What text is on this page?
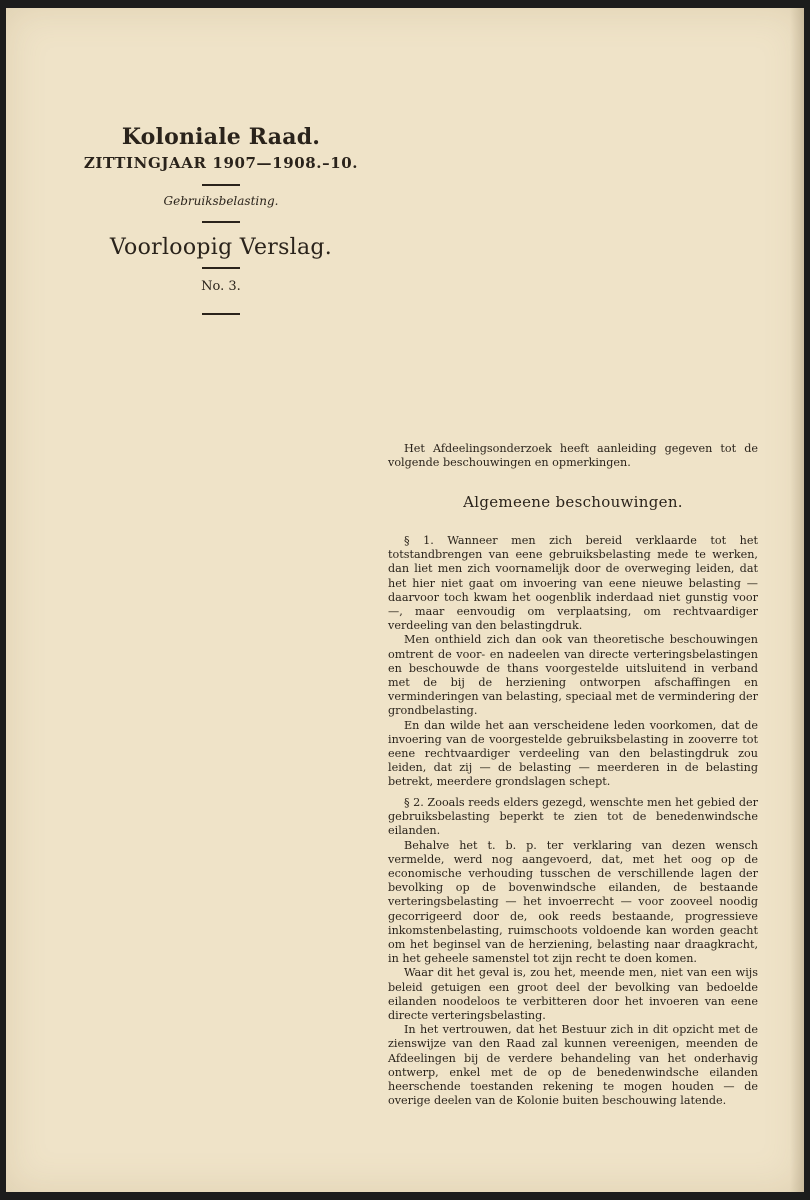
Koloniale Raad.
ZITTINGJAAR 1907—1908.–10.
Gebruiksbelasting.
Voorloopig Verslag.
No. 3.

Het Afdeelingsonderzoek heeft aanleiding gegeven tot de volgende beschouwingen en opmerkingen.

Algemeene beschouwingen.

§ 1. Wanneer men zich bereid verklaarde tot het totstandbrengen van eene gebruiksbelasting mede te werken, dan liet men zich voornamelijk door de overweging leiden, dat het hier niet gaat om invoering van eene nieuwe belasting — daarvoor toch kwam het oogenblik inderdaad niet gunstig voor —, maar eenvoudig om verplaatsing, om rechtvaardiger verdeeling van den belastingdruk.

Men onthield zich dan ook van theoretische beschouwingen omtrent de voor- en nadeelen van directe verteringsbelastingen en beschouwde de thans voorgestelde uitsluitend in verband met de bij de herziening ontworpen afschaffingen en verminderingen van belasting, speciaal met de vermindering der grondbelasting.

En dan wilde het aan verscheidene leden voorkomen, dat de invoering van de voorgestelde gebruiksbelasting in zooverre tot eene rechtvaardiger verdeeling van den belastingdruk zou leiden, dat zij — de belasting — meerderen in de belasting betrekt, meerdere grondslagen schept.

§ 2. Zooals reeds elders gezegd, wenschte men het gebied der gebruiksbelasting beperkt te zien tot de benedenwindsche eilanden.

Behalve het t. b. p. ter verklaring van dezen wensch vermelde, werd nog aangevoerd, dat, met het oog op de economische verhouding tusschen de verschillende lagen der bevolking op de bovenwindsche eilanden, de bestaande verteringsbelasting — het invoerrecht — voor zooveel noodig gecorrigeerd door de, ook reeds bestaande, progressieve inkomstenbelasting, ruimschoots voldoende kan worden geacht om het beginsel van de herziening, belasting naar draagkracht, in het geheele samenstel tot zijn recht te doen komen.

Waar dit het geval is, zou het, meende men, niet van een wijs beleid getuigen een groot deel der bevolking van bedoelde eilanden noodeloos te verbitteren door het invoeren van eene directe verteringsbelasting.

In het vertrouwen, dat het Bestuur zich in dit opzicht met de zienswijze van den Raad zal kunnen vereenigen, meenden de Afdeelingen bij de verdere behandeling van het onderhavig ontwerp, enkel met de op de benedenwindsche eilanden heerschende toestanden rekening te mogen houden — de overige deelen van de Kolonie buiten beschouwing latende.
